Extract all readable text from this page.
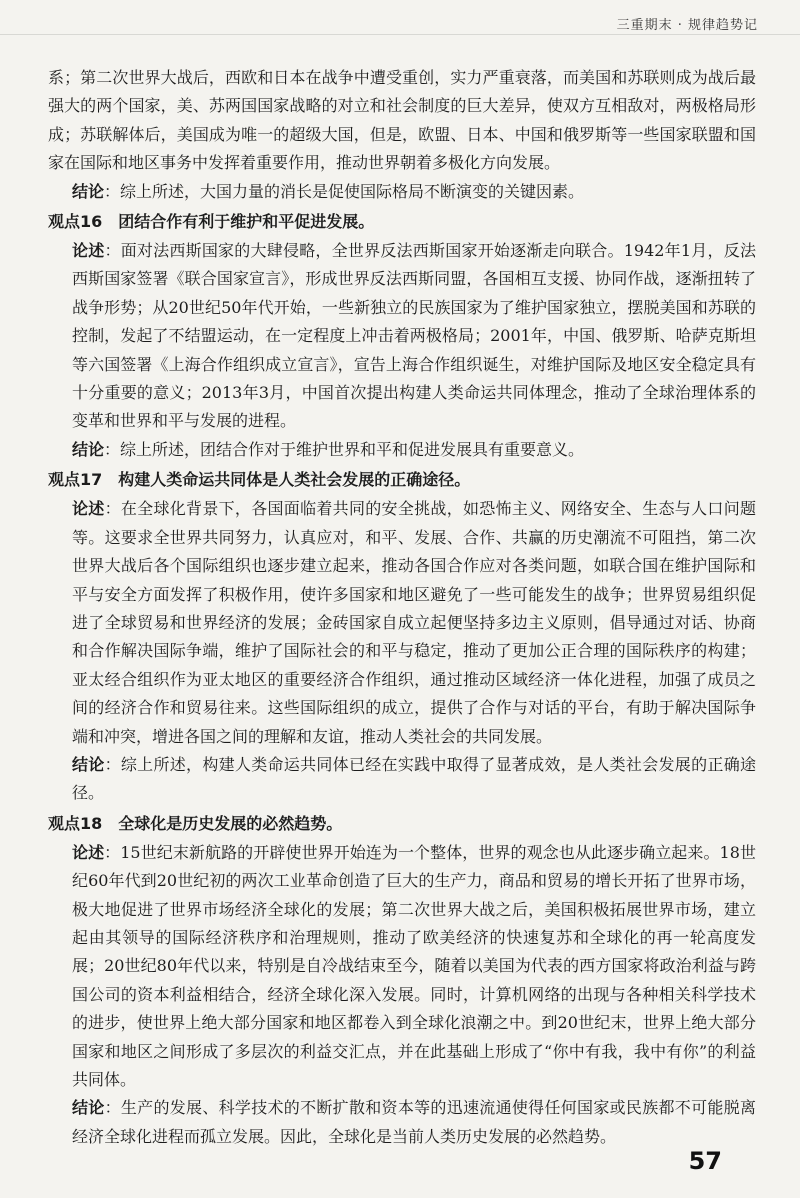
三重期末 · 规律趋势记

系；第二次世界大战后，西欧和日本在战争中遭受重创，实力严重衰落，而美国和苏联则成为战后最强大的两个国家，美、苏两国国家战略的对立和社会制度的巨大差异，使双方互相敌对，两极格局形成；苏联解体后，美国成为唯一的超级大国，但是，欧盟、日本、中国和俄罗斯等一些国家联盟和国家在国际和地区事务中发挥着重要作用，推动世界朝着多极化方向发展。

结论：综上所述，大国力量的消长是促使国际格局不断演变的关键因素。

观点16 团结合作有利于维护和平促进发展。

论述：面对法西斯国家的大肆侵略，全世界反法西斯国家开始逐渐走向联合。1942年1月，反法西斯国家签署《联合国家宣言》，形成世界反法西斯同盟，各国相互支援、协同作战，逐渐扭转了战争形势；从20世纪50年代开始，一些新独立的民族国家为了维护国家独立，摆脱美国和苏联的控制，发起了不结盟运动，在一定程度上冲击着两极格局；2001年，中国、俄罗斯、哈萨克斯坦等六国签署《上海合作组织成立宣言》，宣告上海合作组织诞生，对维护国际及地区安全稳定具有十分重要的意义；2013年3月，中国首次提出构建人类命运共同体理念，推动了全球治理体系的变革和世界和平与发展的进程。

结论：综上所述，团结合作对于维护世界和平和促进发展具有重要意义。

观点17 构建人类命运共同体是人类社会发展的正确途径。

论述：在全球化背景下，各国面临着共同的安全挑战，如恐怖主义、网络安全、生态与人口问题等。这要求全世界共同努力，认真应对，和平、发展、合作、共赢的历史潮流不可阻挡，第二次世界大战后各个国际组织也逐步建立起来，推动各国合作应对各类问题，如联合国在维护国际和平与安全方面发挥了积极作用，使许多国家和地区避免了一些可能发生的战争；世界贸易组织促进了全球贸易和世界经济的发展；金砖国家自成立起便坚持多边主义原则，倡导通过对话、协商和合作解决国际争端，维护了国际社会的和平与稳定，推动了更加公正合理的国际秩序的构建；亚太经合组织作为亚太地区的重要经济合作组织，通过推动区域经济一体化进程，加强了成员之间的经济合作和贸易往来。这些国际组织的成立，提供了合作与对话的平台，有助于解决国际争端和冲突，增进各国之间的理解和友谊，推动人类社会的共同发展。

结论：综上所述，构建人类命运共同体已经在实践中取得了显著成效，是人类社会发展的正确途径。

观点18 全球化是历史发展的必然趋势。

论述：15世纪末新航路的开辟使世界开始连为一个整体，世界的观念也从此逐步确立起来。18世纪60年代到20世纪初的两次工业革命创造了巨大的生产力，商品和贸易的增长开拓了世界市场，极大地促进了世界市场经济全球化的发展；第二次世界大战之后，美国积极拓展世界市场，建立起由其领导的国际经济秩序和治理规则，推动了欧美经济的快速复苏和全球化的再一轮高度发展；20世纪80年代以来，特别是自冷战结束至今，随着以美国为代表的西方国家将政治利益与跨国公司的资本利益相结合，经济全球化深入发展。同时，计算机网络的出现与各种相关科学技术的进步，使世界上绝大部分国家和地区都卷入到全球化浪潮之中。到20世纪末，世界上绝大部分国家和地区之间形成了多层次的利益交汇点，并在此基础上形成了“你中有我，我中有你”的利益共同体。

结论：生产的发展、科学技术的不断扩散和资本等的迅速流通使得任何国家或民族都不可能脱离经济全球化进程而孤立发展。因此，全球化是当前人类历史发展的必然趋势。

57
